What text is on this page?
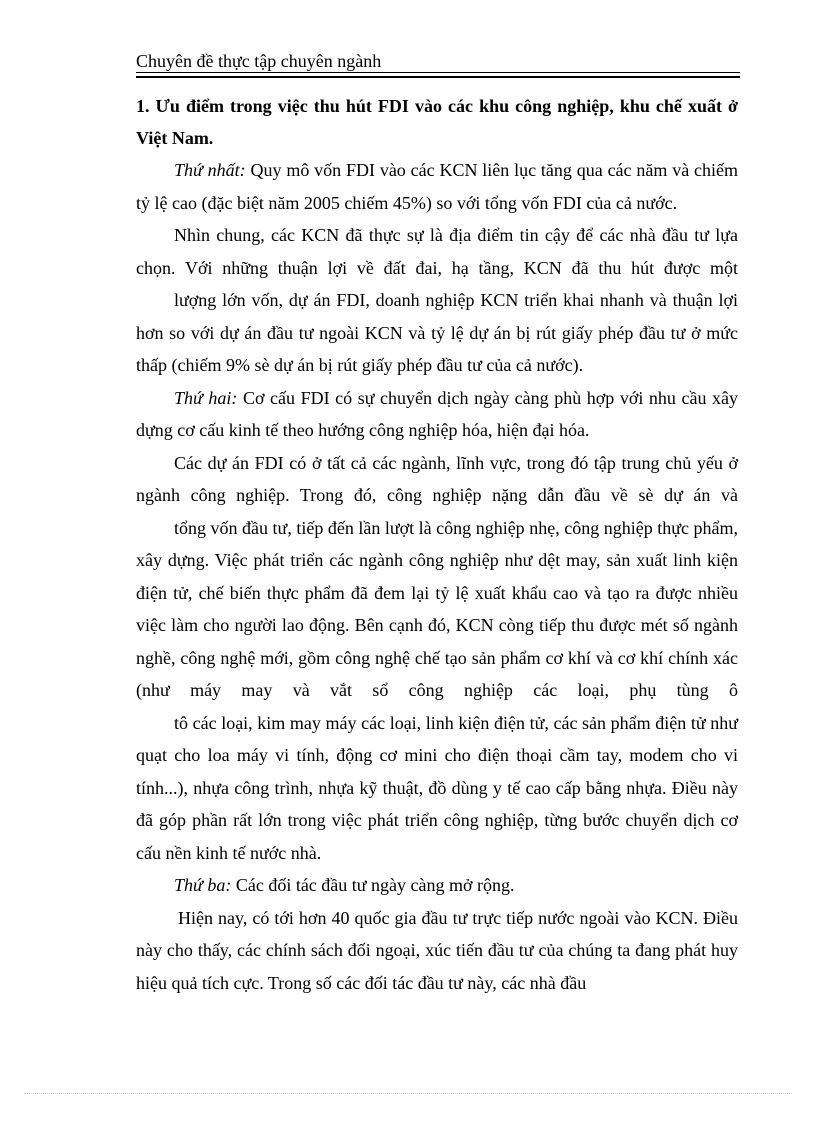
Chuyên đề thực tập chuyên ngành
1. Ưu điểm trong việc thu hút FDI vào các khu công nghiệp, khu chế xuất ở Việt Nam.

Thứ nhất: Quy mô vốn FDI vào các KCN liên lục tăng qua các năm và chiếm tỷ lệ cao (đặc biệt năm 2005 chiếm 45%) so với tổng vốn FDI của cả nước.

Nhìn chung, các KCN đã thực sự là địa điểm tin cậy để các nhà đầu tư lựa chọn. Với những thuận lợi về đất đai, hạ tầng, KCN đã thu hút được một

lượng lớn vốn, dự án FDI, doanh nghiệp KCN triển khai nhanh và thuận lợi hơn so với dự án đầu tư ngoài KCN và tỷ lệ dự án bị rút giấy phép đầu tư ở mức thấp (chiếm 9% sè dự án bị rút giấy phép đầu tư của cả nước).

Thứ hai: Cơ cấu FDI có sự chuyển dịch ngày càng phù hợp với nhu cầu xây dựng cơ cấu kinh tế theo hướng công nghiệp hóa, hiện đại hóa.

Các dự án FDI có ở tất cả các ngành, lĩnh vực, trong đó tập trung chủ yếu ở ngành công nghiệp. Trong đó, công nghiệp nặng dẫn đầu về sè dự án và

tổng vốn đầu tư, tiếp đến lần lượt là công nghiệp nhẹ, công nghiệp thực phẩm, xây dựng. Việc phát triển các ngành công nghiệp như dệt may, sản xuất linh kiện điện tử, chế biến thực phẩm đã đem lại tỷ lệ xuất khẩu cao và tạo ra được nhiều việc làm cho người lao động. Bên cạnh đó, KCN còng tiếp thu được mét số ngành nghề, công nghệ mới, gồm công nghệ chế tạo sản phẩm cơ khí và cơ khí chính xác (như máy may và vắt sổ công nghiệp các loại, phụ tùng ô

tô các loại, kim may máy các loại, linh kiện điện tử, các sản phẩm điện tử như quạt cho loa máy vi tính, động cơ mini cho điện thoại cầm tay, modem cho vi tính...), nhựa công trình, nhựa kỹ thuật, đồ dùng y tế cao cấp bằng nhựa. Điều này đã góp phần rất lớn trong việc phát triển công nghiệp, từng bước chuyển dịch cơ cấu nền kinh tế nước nhà.

Thứ ba: Các đối tác đầu tư ngày càng mở rộng.

Hiện nay, có tới hơn 40 quốc gia đầu tư trực tiếp nước ngoài vào KCN. Điều này cho thấy, các chính sách đối ngoại, xúc tiến đầu tư của chúng ta đang phát huy hiệu quả tích cực. Trong số các đối tác đầu tư này, các nhà đầu
